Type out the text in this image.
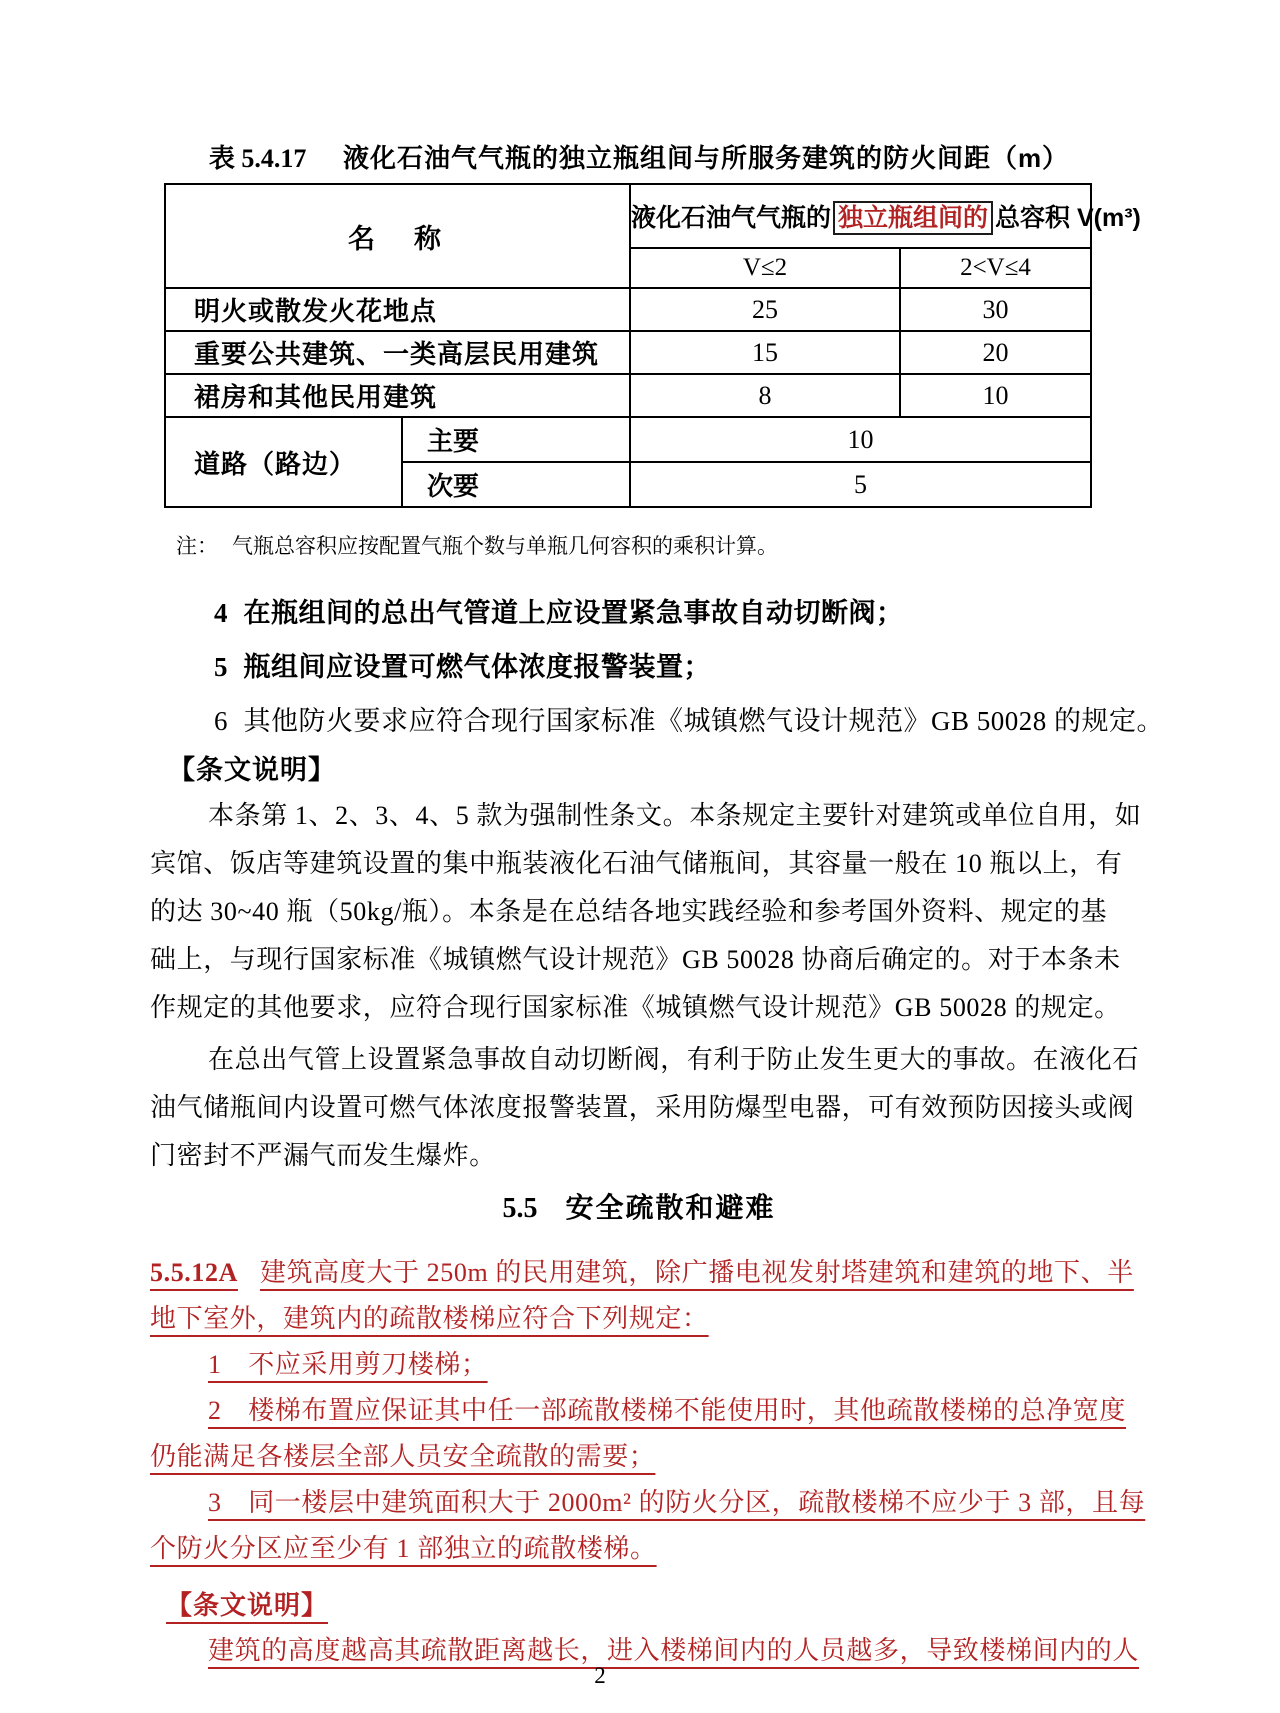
表 5.4.17 液化石油气气瓶的独立瓶组间与所服务建筑的防火间距（m）
名　称		液化石油气气瓶的 独立瓶组间的 总容积 V(m³)	
		V≤2	2<V≤4
明火或散发火花地点		25	30
重要公共建筑、一类高层民用建筑		15	20
裙房和其他民用建筑		8	10
道路（路边）	主要	10	
	次要	5	
注： 气瓶总容积应按配置气瓶个数与单瓶几何容积的乘积计算。
4 在瓶组间的总出气管道上应设置紧急事故自动切断阀；
5 瓶组间应设置可燃气体浓度报警装置；
6 其他防火要求应符合现行国家标准《城镇燃气设计规范》GB 50028 的规定。
【条文说明】
本条第 1、2、3、4、5 款为强制性条文。本条规定主要针对建筑或单位自用，如
宾馆、饭店等建筑设置的集中瓶装液化石油气储瓶间，其容量一般在 10 瓶以上，有
的达 30~40 瓶（50kg/瓶）。本条是在总结各地实践经验和参考国外资料、规定的基
础上，与现行国家标准《城镇燃气设计规范》GB 50028 协商后确定的。对于本条未
作规定的其他要求，应符合现行国家标准《城镇燃气设计规范》GB 50028 的规定。
在总出气管上设置紧急事故自动切断阀，有利于防止发生更大的事故。在液化石
油气储瓶间内设置可燃气体浓度报警装置，采用防爆型电器，可有效预防因接头或阀
门密封不严漏气而发生爆炸。
5.5 安全疏散和避难
5.5.12A 建筑高度大于 250m 的民用建筑，除广播电视发射塔建筑和建筑的地下、半
地下室外，建筑内的疏散楼梯应符合下列规定：
1　不应采用剪刀楼梯；
2　楼梯布置应保证其中任一部疏散楼梯不能使用时，其他疏散楼梯的总净宽度
仍能满足各楼层全部人员安全疏散的需要；
3　同一楼层中建筑面积大于 2000m² 的防火分区，疏散楼梯不应少于 3 部，且每
个防火分区应至少有 1 部独立的疏散楼梯。
【条文说明】
建筑的高度越高其疏散距离越长，进入楼梯间内的人员越多，导致楼梯间内的人
2
